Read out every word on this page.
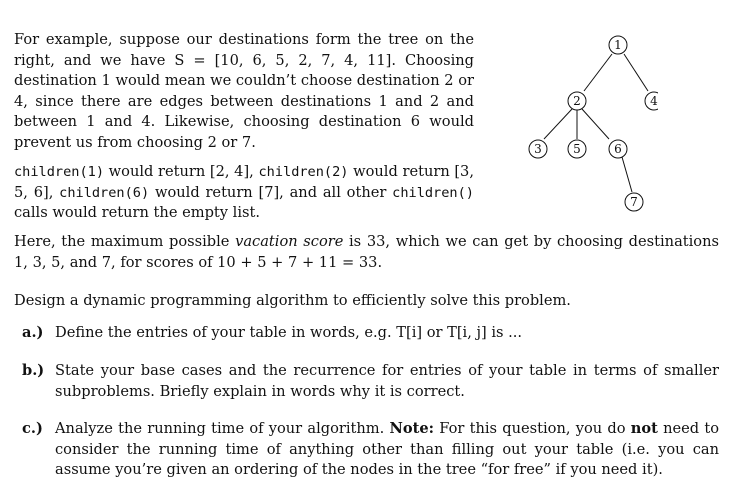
For example, suppose our destinations form the tree on the right, and we have S = [10, 6, 5, 2, 7, 4, 11]. Choosing destination 1 would mean we couldn’t choose destination 2 or 4, since there are edges between destinations 1 and 2 and between 1 and 4. Likewise, choosing destination 6 would prevent us from choosing 2 or 7.
children(1) would return [2, 4], children(2) would return [3, 5, 6], children(6) would return [7], and all other children() calls would return the empty list.
Here, the maximum possible vacation score is 33, which we can get by choosing destinations 1, 3, 5, and 7, for scores of 10 + 5 + 7 + 11 = 33.
Design a dynamic programming algorithm to efficiently solve this problem.
a.) Define the entries of your table in words, e.g. T[i] or T[i, j] is ...
b.) State your base cases and the recurrence for entries of your table in terms of smaller subproblems. Briefly explain in words why it is correct.
c.) Analyze the running time of your algorithm. Note: For this question, you do not need to consider the running time of anything other than filling out your table (i.e. you can assume you’re given an ordering of the nodes in the tree “for free” if you need it).
1
2	4
3	5	6
7
